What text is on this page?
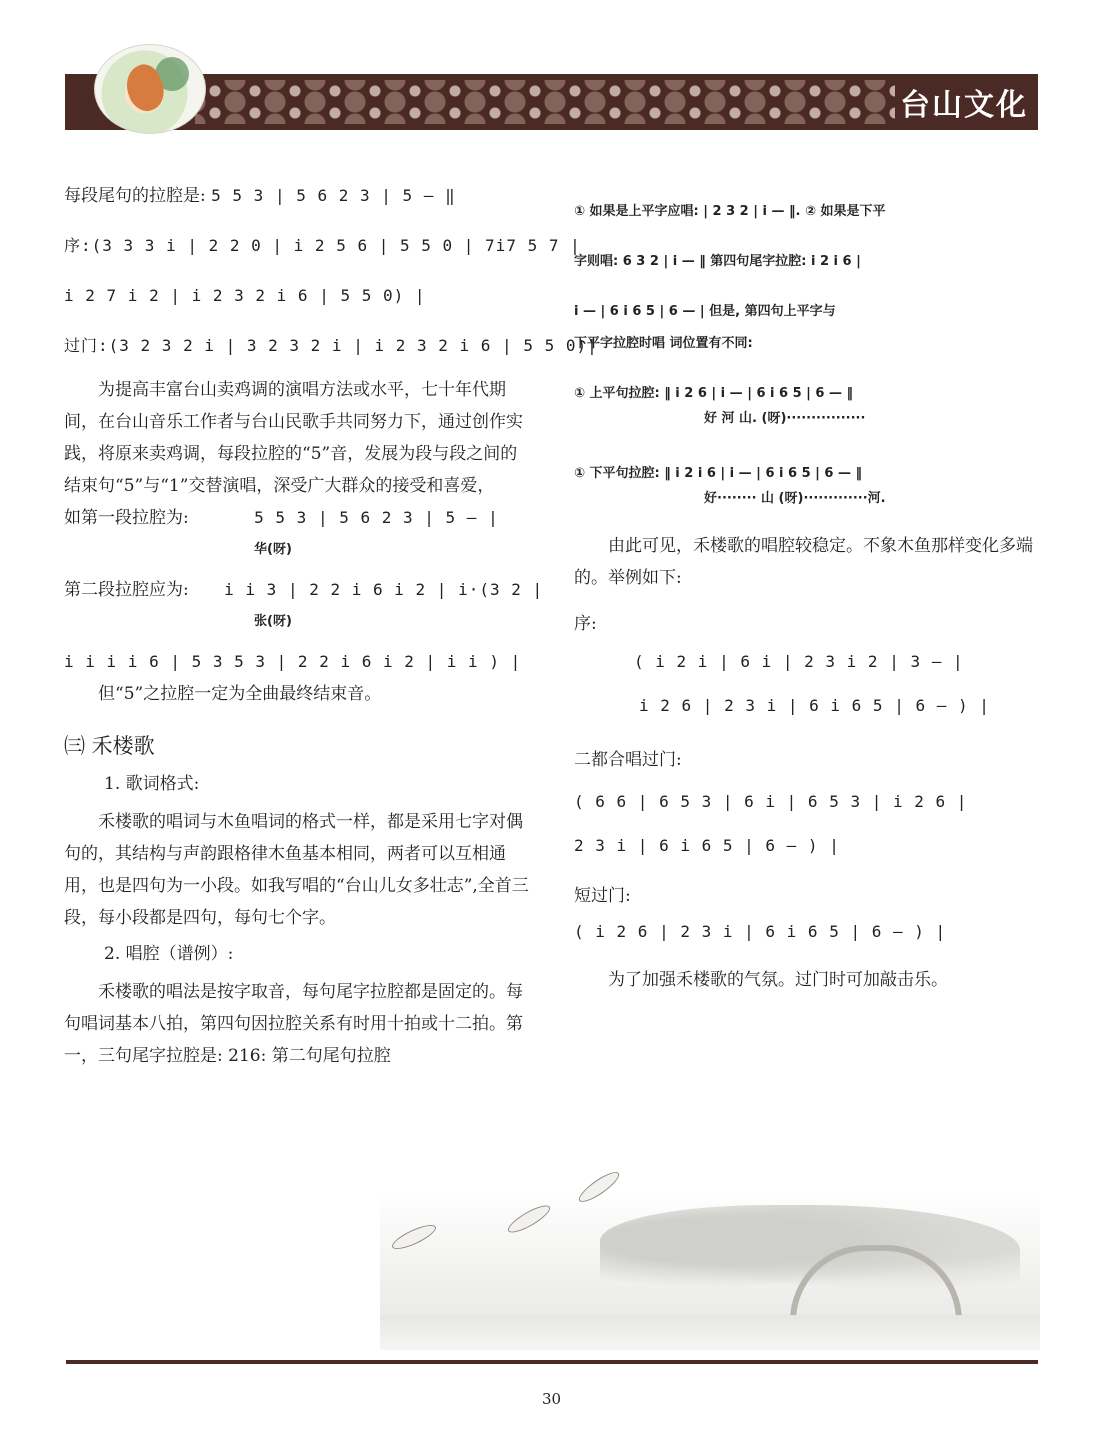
台山文化
每段尾句的拉腔是: 5 5 3 | 5 6 2 3 | 5 — ‖
序:(3 3 3 i | 2 2 0 | i 2 5 6 | 5 5 0 | 7i7 5 7 |
i 2 7 i 2 | i 2 3 2 i 6 | 5 5 0) |
过门:(3 2 3 2 i | 3 2 3 2 i | i 2 3 2 i 6 | 5 5 0)|
为提高丰富台山卖鸡调的演唱方法或水平，七十年代期间，在台山音乐工作者与台山民歌手共同努力下，通过创作实践，将原来卖鸡调，每段拉腔的“5”音，发展为段与段之间的结束句“5”与“1”交替演唱，深受广大群众的接受和喜爱，
如第一段拉腔为:	5 5 3 | 5 6 2 3 | 5 — |
华(呀)
第二段拉腔应为: i i 3 | 2 2 i 6 i 2 | i·(3 2 |
张(呀)
i i i i 6 | 5 3 5 3 | 2 2 i 6 i 2 | i i ) |
但“5”之拉腔一定为全曲最终结束音。
㈢ 禾楼歌
1. 歌词格式:
禾楼歌的唱词与木鱼唱词的格式一样，都是采用七字对偶句的，其结构与声韵跟格律木鱼基本相同，两者可以互相通用，也是四句为一小段。如我写唱的“台山儿女多壮志”,全首三段，每小段都是四句，每句七个字。
2. 唱腔（谱例）:
禾楼歌的唱法是按字取音，每句尾字拉腔都是固定的。每句唱词基本八拍，第四句因拉腔关系有时用十拍或十二拍。第一，三句尾字拉腔是: 216: 第二句尾句拉腔
① 如果是上平字应唱: | 2 3 2 | i — ‖. ② 如果是下平
字则唱: 6 3 2 | i — ‖ 第四句尾字拉腔: i 2 i 6 |
i — | 6 i 6 5 | 6 — | 但是, 第四句上平字与
下平字拉腔时唱 词位置有不同:
① 上平句拉腔: ‖ i 2 6 | i — | 6 i 6 5 | 6 — ‖
好 河 山. (呀)················
① 下平句拉腔: ‖ i 2 i 6 | i — | 6 i 6 5 | 6 — ‖
好········ 山 (呀)·············河.
由此可见，禾楼歌的唱腔较稳定。不象木鱼那样变化多端的。举例如下:
序:
( i 2 i | 6 i | 2 3 i 2 | 3 — |
i 2 6 | 2 3 i | 6 i 6 5 | 6 — ) |
二都合唱过门:
( 6 6 | 6 5 3 | 6 i | 6 5 3 | i 2 6 |
2 3 i | 6 i 6 5 | 6 — ) |
短过门:
( i 2 6 | 2 3 i | 6 i 6 5 | 6 — ) |
为了加强禾楼歌的气氛。过门时可加敲击乐。
30
